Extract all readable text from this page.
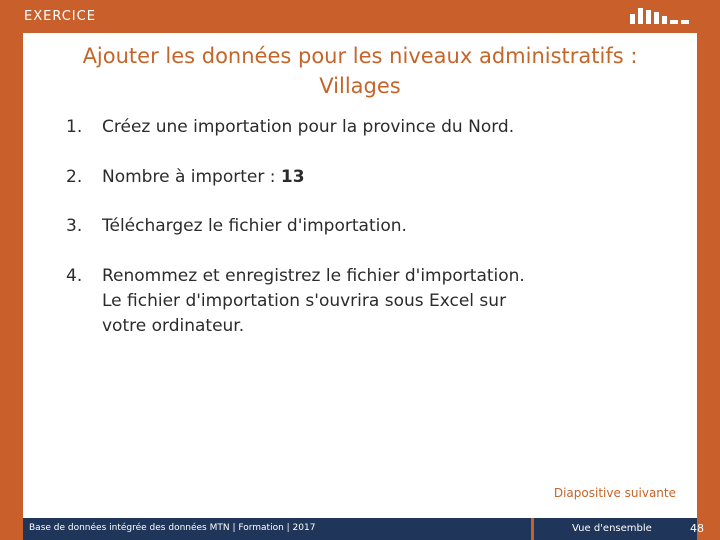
EXERCICE
Ajouter les données pour les niveaux administratifs :
Villages
1.	Créez une importation pour la province du Nord.
2.	Nombre à importer : 13
3.	Téléchargez le fichier d'importation.
4.	Renommez et enregistrez le fichier d'importation.
Le fichier d'importation s'ouvrira sous Excel sur
votre ordinateur.
Diapositive suivante
Base de données intégrée des données MTN | Formation | 2017	Vue d'ensemble	48
